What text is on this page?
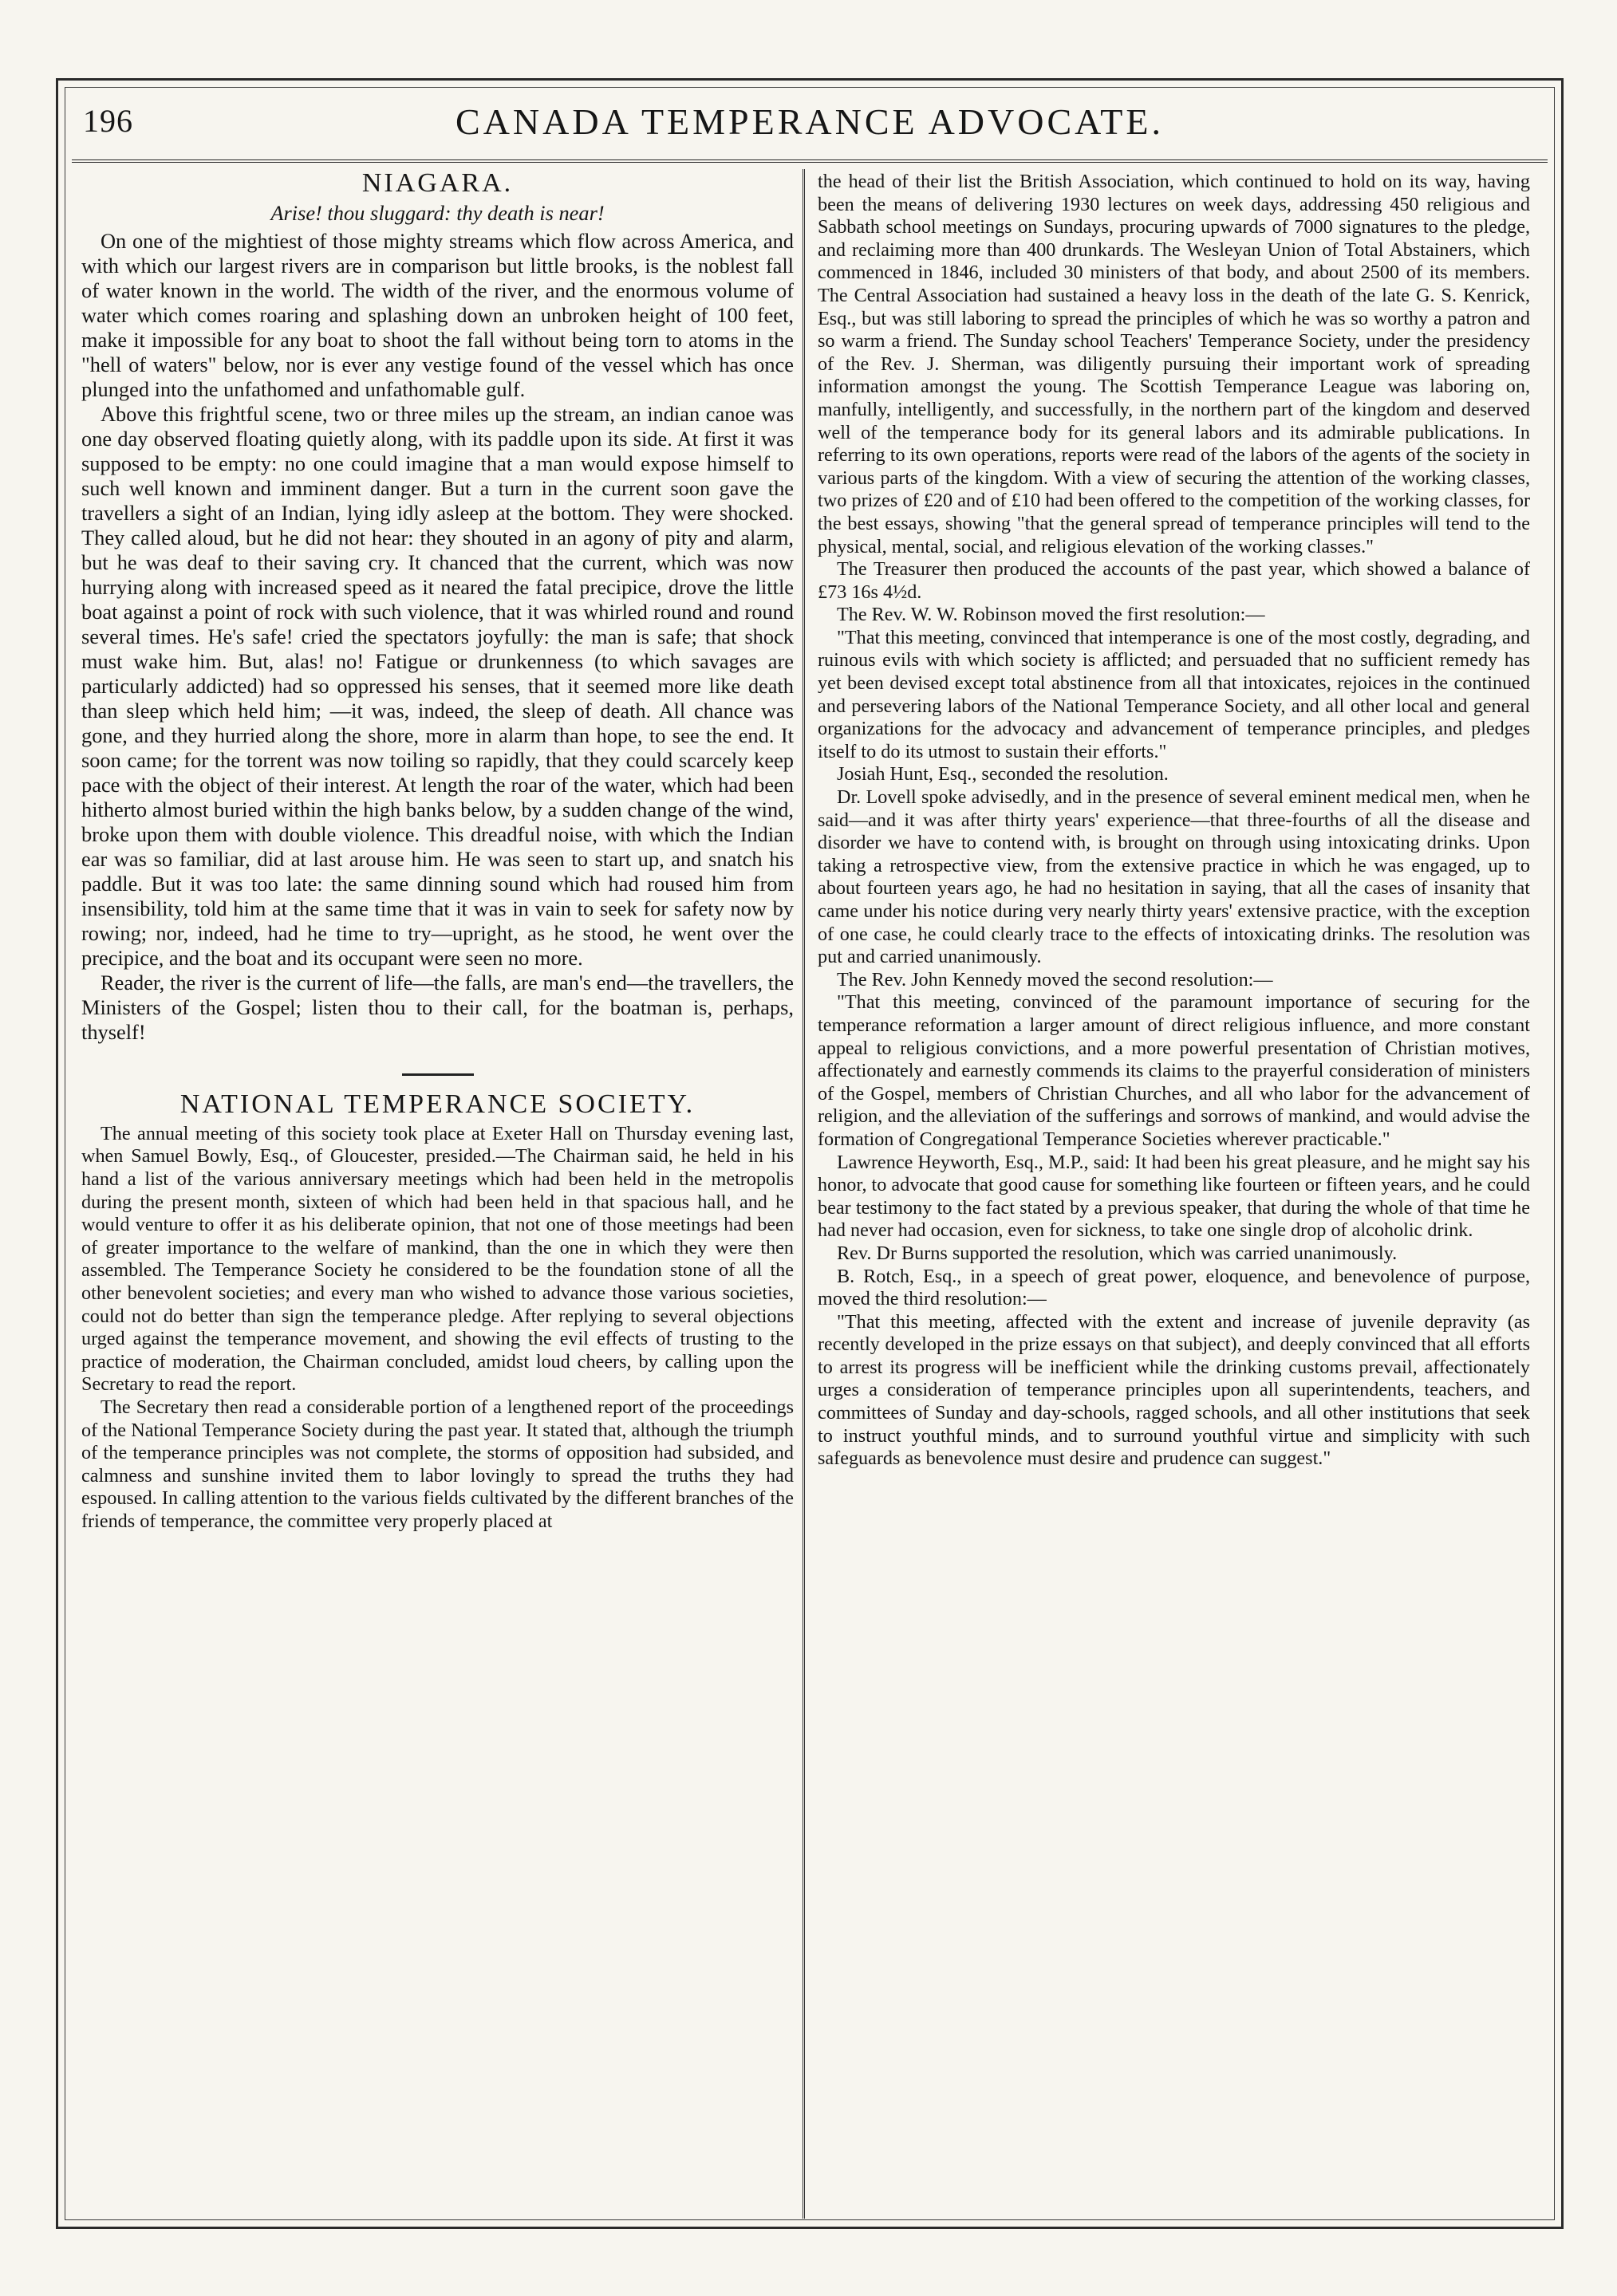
196	CANADA TEMPERANCE ADVOCATE.
NIAGARA.
Arise! thou sluggard: thy death is near!

On one of the mightiest of those mighty streams which flow across America, and with which our largest rivers are in comparison but little brooks, is the noblest fall of water known in the world. The width of the river, and the enormous volume of water which comes roaring and splashing down an unbroken height of 100 feet, make it impossible for any boat to shoot the fall without being torn to atoms in the "hell of waters" below, nor is ever any vestige found of the vessel which has once plunged into the unfathomed and unfathomable gulf.

Above this frightful scene, two or three miles up the stream, an indian canoe was one day observed floating quietly along, with its paddle upon its side. At first it was supposed to be empty: no one could imagine that a man would expose himself to such well known and imminent danger. But a turn in the current soon gave the travellers a sight of an Indian, lying idly asleep at the bottom. They were shocked. They called aloud, but he did not hear: they shouted in an agony of pity and alarm, but he was deaf to their saving cry. It chanced that the current, which was now hurrying along with increased speed as it neared the fatal precipice, drove the little boat against a point of rock with such violence, that it was whirled round and round several times. He's safe! cried the spectators joyfully: the man is safe; that shock must wake him. But, alas! no! Fatigue or drunkenness (to which savages are particularly addicted) had so oppressed his senses, that it seemed more like death than sleep which held him; —it was, indeed, the sleep of death. All chance was gone, and they hurried along the shore, more in alarm than hope, to see the end. It soon came; for the torrent was now toiling so rapidly, that they could scarcely keep pace with the object of their interest. At length the roar of the water, which had been hitherto almost buried within the high banks below, by a sudden change of the wind, broke upon them with double violence. This dreadful noise, with which the Indian ear was so familiar, did at last arouse him. He was seen to start up, and snatch his paddle. But it was too late: the same dinning sound which had roused him from insensibility, told him at the same time that it was in vain to seek for safety now by rowing; nor, indeed, had he time to try—upright, as he stood, he went over the precipice, and the boat and its occupant were seen no more.

Reader, the river is the current of life—the falls, are man's end—the travellers, the Ministers of the Gospel; listen thou to their call, for the boatman is, perhaps, thyself!

NATIONAL TEMPERANCE SOCIETY.

The annual meeting of this society took place at Exeter Hall on Thursday evening last, when Samuel Bowly, Esq., of Gloucester, presided.—The Chairman said, he held in his hand a list of the various anniversary meetings which had been held in the metropolis during the present month, sixteen of which had been held in that spacious hall, and he would venture to offer it as his deliberate opinion, that not one of those meetings had been of greater importance to the welfare of mankind, than the one in which they were then assembled. The Temperance Society he considered to be the foundation stone of all the other benevolent societies; and every man who wished to advance those various societies, could not do better than sign the temperance pledge. After replying to several objections urged against the temperance movement, and showing the evil effects of trusting to the practice of moderation, the Chairman concluded, amidst loud cheers, by calling upon the Secretary to read the report.

The Secretary then read a considerable portion of a lengthened report of the proceedings of the National Temperance Society during the past year. It stated that, although the triumph of the temperance principles was not complete, the storms of opposition had subsided, and calmness and sunshine invited them to labor lovingly to spread the truths they had espoused. In calling attention to the various fields cultivated by the different branches of the friends of temperance, the committee very properly placed at

the head of their list the British Association, which continued to hold on its way, having been the means of delivering 1930 lectures on week days, addressing 450 religious and Sabbath school meetings on Sundays, procuring upwards of 7000 signatures to the pledge, and reclaiming more than 400 drunkards. The Wesleyan Union of Total Abstainers, which commenced in 1846, included 30 ministers of that body, and about 2500 of its members. The Central Association had sustained a heavy loss in the death of the late G. S. Kenrick, Esq., but was still laboring to spread the principles of which he was so worthy a patron and so warm a friend. The Sunday school Teachers' Temperance Society, under the presidency of the Rev. J. Sherman, was diligently pursuing their important work of spreading information amongst the young. The Scottish Temperance League was laboring on, manfully, intelligently, and successfully, in the northern part of the kingdom and deserved well of the temperance body for its general labors and its admirable publications. In referring to its own operations, reports were read of the labors of the agents of the society in various parts of the kingdom. With a view of securing the attention of the working classes, two prizes of £20 and of £10 had been offered to the competition of the working classes, for the best essays, showing "that the general spread of temperance principles will tend to the physical, mental, social, and religious elevation of the working classes."

The Treasurer then produced the accounts of the past year, which showed a balance of £73 16s 4½d.

The Rev. W. W. Robinson moved the first resolution:—

"That this meeting, convinced that intemperance is one of the most costly, degrading, and ruinous evils with which society is afflicted; and persuaded that no sufficient remedy has yet been devised except total abstinence from all that intoxicates, rejoices in the continued and persevering labors of the National Temperance Society, and all other local and general organizations for the advocacy and advancement of temperance principles, and pledges itself to do its utmost to sustain their efforts."

Josiah Hunt, Esq., seconded the resolution.

Dr. Lovell spoke advisedly, and in the presence of several eminent medical men, when he said—and it was after thirty years' experience—that three-fourths of all the disease and disorder we have to contend with, is brought on through using intoxicating drinks. Upon taking a retrospective view, from the extensive practice in which he was engaged, up to about fourteen years ago, he had no hesitation in saying, that all the cases of insanity that came under his notice during very nearly thirty years' extensive practice, with the exception of one case, he could clearly trace to the effects of intoxicating drinks. The resolution was put and carried unanimously.

The Rev. John Kennedy moved the second resolution:—

"That this meeting, convinced of the paramount importance of securing for the temperance reformation a larger amount of direct religious influence, and more constant appeal to religious convictions, and a more powerful presentation of Christian motives, affectionately and earnestly commends its claims to the prayerful consideration of ministers of the Gospel, members of Christian Churches, and all who labor for the advancement of religion, and the alleviation of the sufferings and sorrows of mankind, and would advise the formation of Congregational Temperance Societies wherever practicable."

Lawrence Heyworth, Esq., M.P., said: It had been his great pleasure, and he might say his honor, to advocate that good cause for something like fourteen or fifteen years, and he could bear testimony to the fact stated by a previous speaker, that during the whole of that time he had never had occasion, even for sickness, to take one single drop of alcoholic drink.

Rev. Dr Burns supported the resolution, which was carried unanimously.

B. Rotch, Esq., in a speech of great power, eloquence, and benevolence of purpose, moved the third resolution:—

"That this meeting, affected with the extent and increase of juvenile depravity (as recently developed in the prize essays on that subject), and deeply convinced that all efforts to arrest its progress will be inefficient while the drinking customs prevail, affectionately urges a consideration of temperance principles upon all superintendents, teachers, and committees of Sunday and day-schools, ragged schools, and all other institutions that seek to instruct youthful minds, and to surround youthful virtue and simplicity with such safeguards as benevolence must desire and prudence can suggest."
